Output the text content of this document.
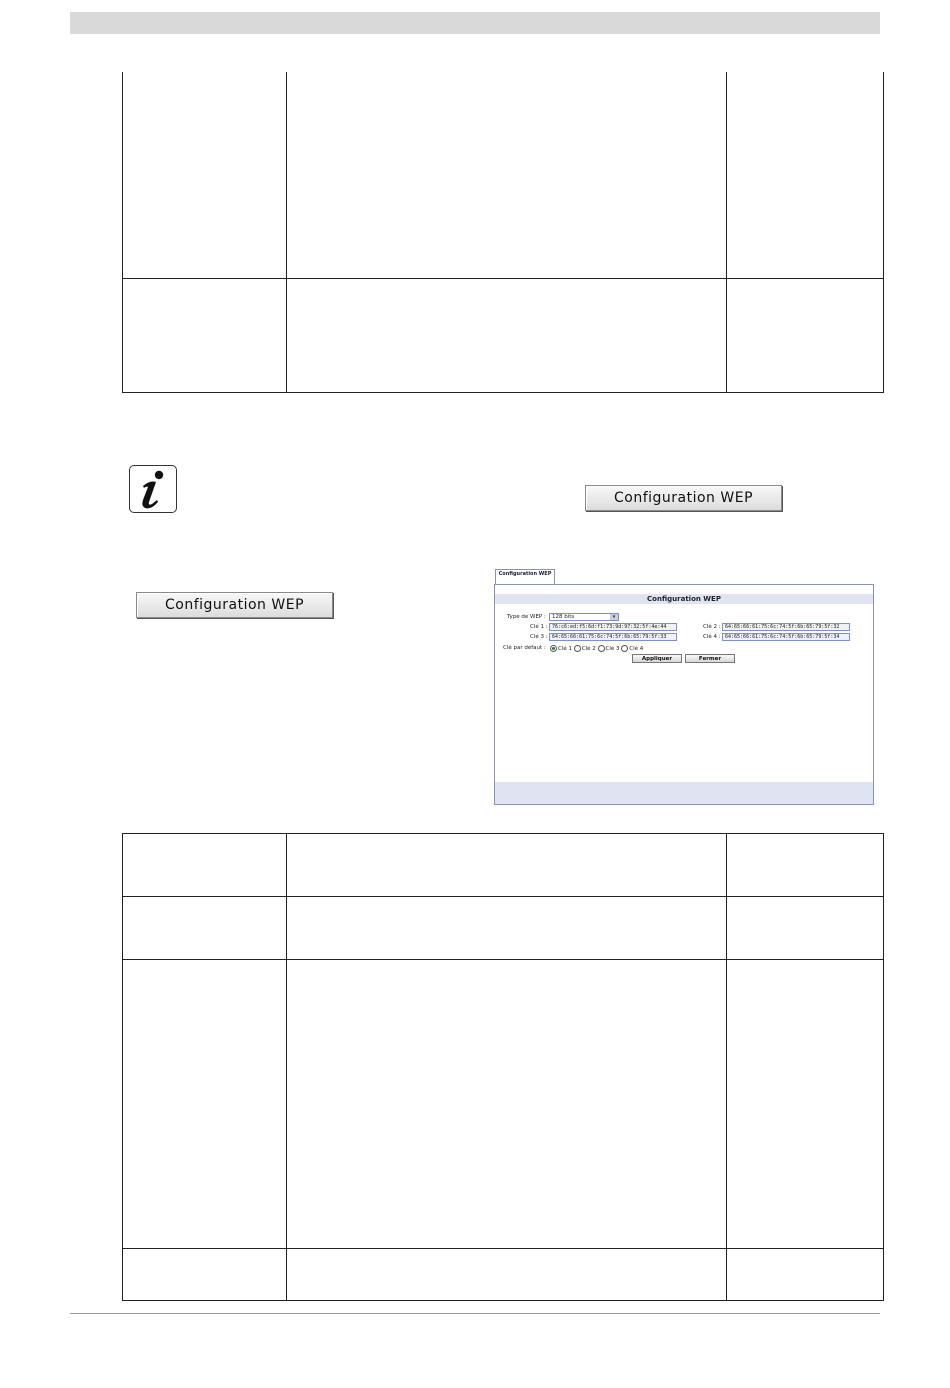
Configuration WEP
Configuration WEP
Configuration WEP
Configuration WEP
Type de WEP :	128 bits	▾
Clé 1 : 76:c6:ed:f5:6d:f1:73:9d:97:32:5f:4e:44	Clé 2 : 64:65:66:61:75:6c:74:5f:6b:65:79:5f:32
Clé 3 : 64:65:66:61:75:6c:74:5f:6b:65:79:5f:33	Clé 4 : 64:65:66:61:75:6c:74:5f:6b:65:79:5f:34
Clé par défaut :	Clé 1 Clé 2 Clé 3 Clé 4
Appliquer	Fermer
